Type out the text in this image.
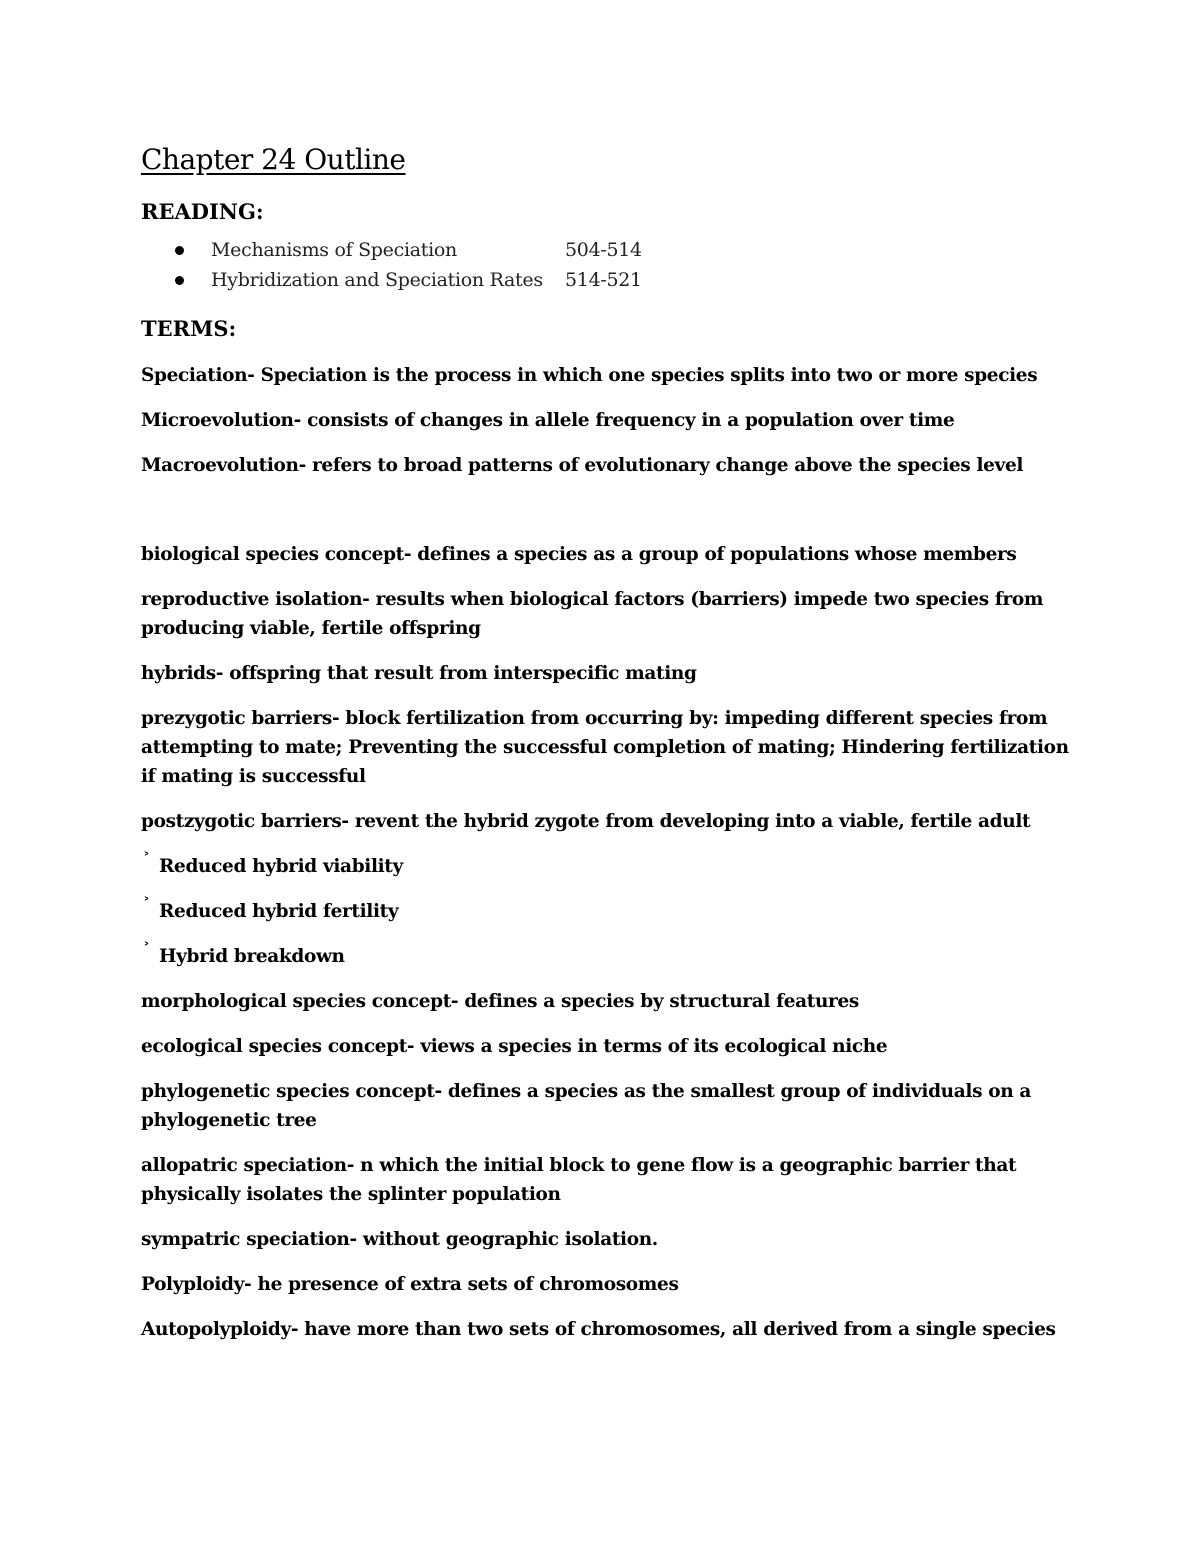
Chapter 24 Outline
READING:
Mechanisms of Speciation	504-514
Hybridization and Speciation Rates 514-521
TERMS:

Speciation- Speciation is the process in which one species splits into two or more species

Microevolution- consists of changes in allele frequency in a population over time

Macroevolution- refers to broad patterns of evolutionary change above the species level

biological species concept- defines a species as a group of populations whose members

reproductive isolation- results when biological factors (barriers) impede two species from producing viable, fertile offspring

hybrids- offspring that result from interspecific mating

prezygotic barriers- block fertilization from occurring by: impeding different species from attempting to mate; Preventing the successful completion of mating; Hindering fertilization if mating is successful

postzygotic barriers- revent the hybrid zygote from developing into a viable, fertile adult

˃ Reduced hybrid viability

˃ Reduced hybrid fertility

˃ Hybrid breakdown

morphological species concept- defines a species by structural features

ecological species concept- views a species in terms of its ecological niche

phylogenetic species concept- defines a species as the smallest group of individuals on a phylogenetic tree

allopatric speciation- n which the initial block to gene flow is a geographic barrier that physically isolates the splinter population

sympatric speciation- without geographic isolation.

Polyploidy- he presence of extra sets of chromosomes

Autopolyploidy- have more than two sets of chromosomes, all derived from a single species
